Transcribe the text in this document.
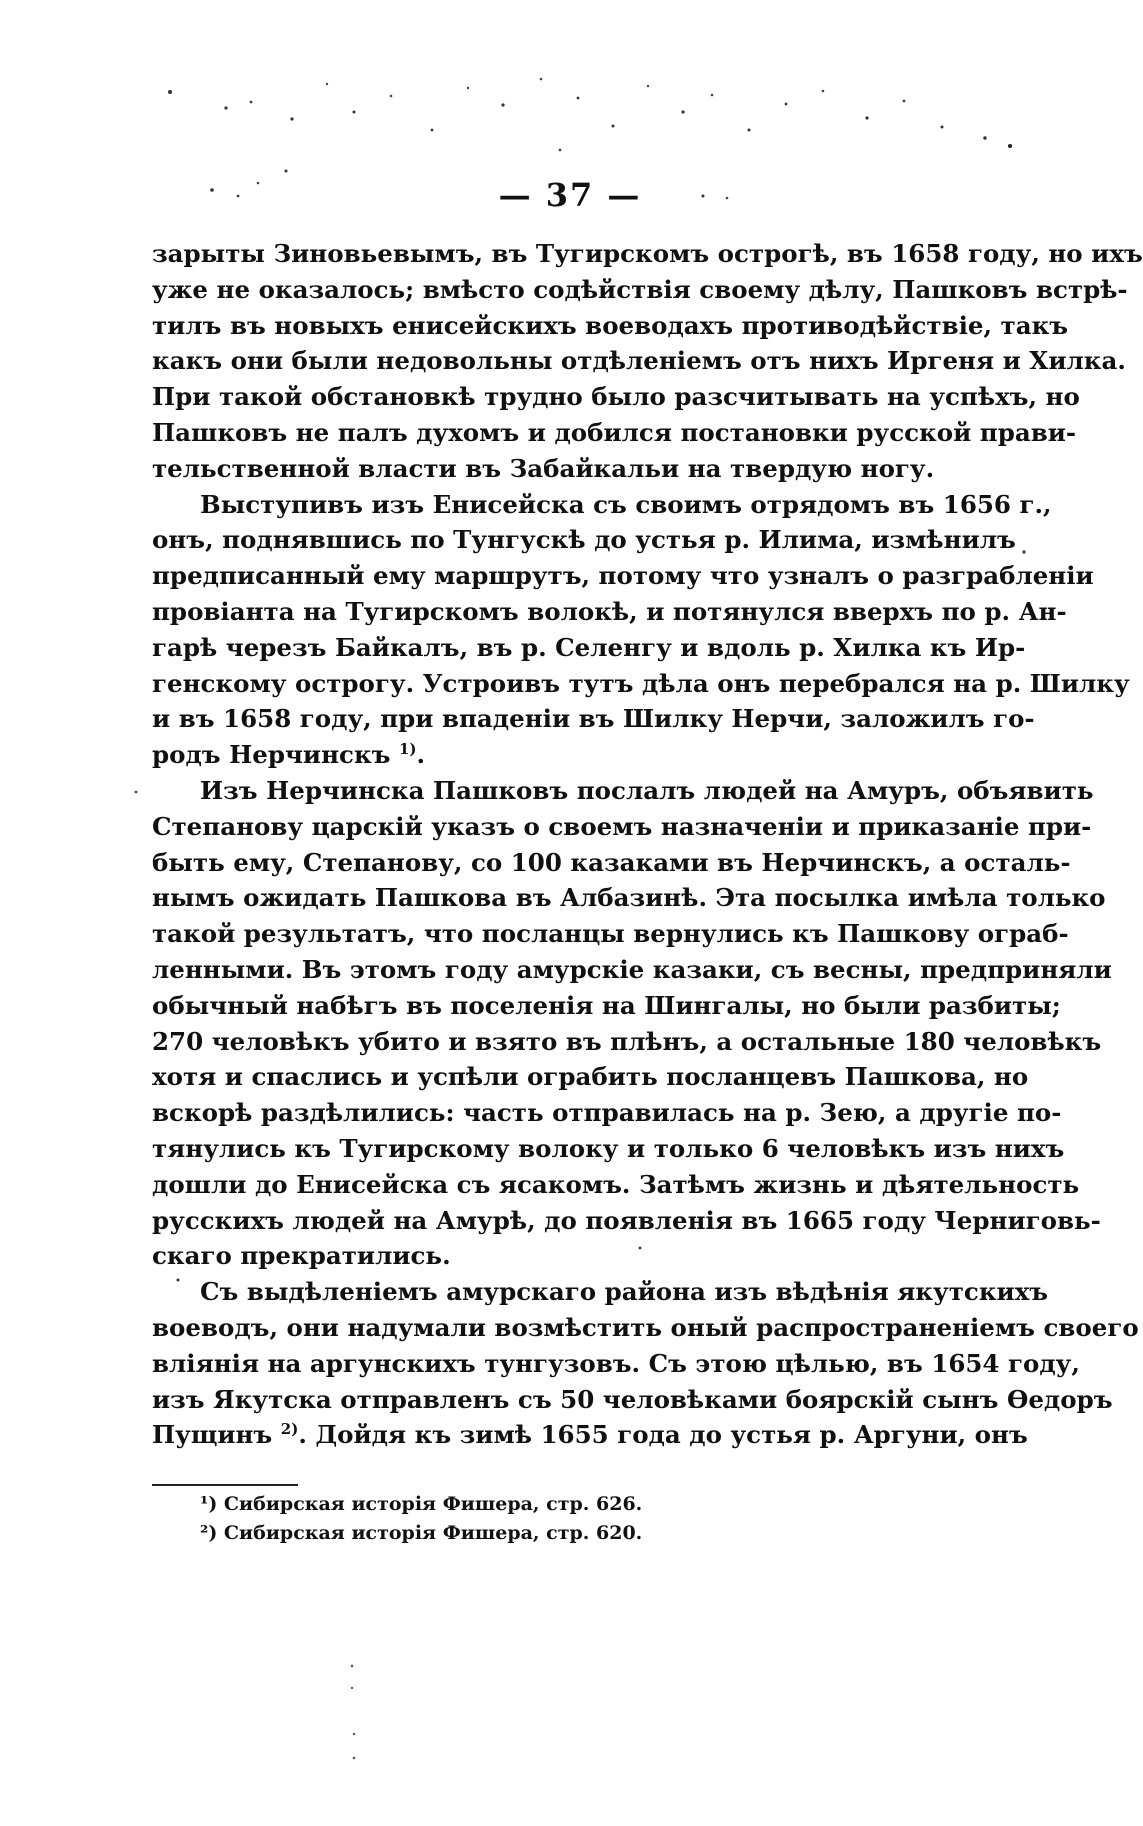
— 37 —
зарыты Зиновьевымъ, въ Тугирскомъ острогѣ, въ 1658 году, но ихъ
уже не оказалось; вмѣсто содѣйствія своему дѣлу, Пашковъ встрѣ-
тилъ въ новыхъ енисейскихъ воеводахъ противодѣйствіе, такъ
какъ они были недовольны отдѣленіемъ отъ нихъ Иргеня и Хилка.
При такой обстановкѣ трудно было разсчитывать на успѣхъ, но
Пашковъ не палъ духомъ и добился постановки русской прави-
тельственной власти въ Забайкальи на твердую ногу.
Выступивъ изъ Енисейска съ своимъ отрядомъ въ 1656 г.,
онъ, поднявшись по Тунгускѣ до устья р. Илима, измѣнилъ
предписанный ему маршрутъ, потому что узналъ о разграбленіи
провіанта на Тугирскомъ волокѣ, и потянулся вверхъ по р. Ан-
гарѣ черезъ Байкалъ, въ р. Селенгу и вдоль р. Хилка къ Ир-
генскому острогу. Устроивъ тутъ дѣла онъ перебрался на р. Шилку
и въ 1658 году, при впаденіи въ Шилку Нерчи, заложилъ го-
родъ Нерчинскъ $^{1)}$.
Изъ Нерчинска Пашковъ послалъ людей на Амуръ, объявить
Степанову царскій указъ о своемъ назначеніи и приказаніе при-
быть ему, Степанову, со 100 казаками въ Нерчинскъ, а осталь-
нымъ ожидать Пашкова въ Албазинѣ. Эта посылка имѣла только
такой результатъ, что посланцы вернулись къ Пашкову ограб-
ленными. Въ этомъ году амурскіе казаки, съ весны, предприняли
обычный набѣгъ въ поселенія на Шингалы, но были разбиты;
270 человѣкъ убито и взято въ плѣнъ, а остальные 180 человѣкъ
хотя и спаслись и успѣли ограбить посланцевъ Пашкова, но
вскорѣ раздѣлились: часть отправилась на р. Зею, а другіе по-
тянулись къ Тугирскому волоку и только 6 человѣкъ изъ нихъ
дошли до Енисейска съ ясакомъ. Затѣмъ жизнь и дѣятельность
русскихъ людей на Амурѣ, до появленія въ 1665 году Черниговь-
скаго прекратились.
Съ выдѣленіемъ амурскаго района изъ вѣдѣнія якутскихъ
воеводъ, они надумали возмѣстить оный распространеніемъ своего
вліянія на аргунскихъ тунгузовъ. Съ этою цѣлью, въ 1654 году,
изъ Якутска отправленъ съ 50 человѣками боярскій сынъ Ѳедоръ
Пущинъ $^{2)}$. Дойдя къ зимѣ 1655 года до устья р. Аргуни, онъ
¹) Сибирская исторія Фишера, стр. 626.
²) Сибирская исторія Фишера, стр. 620.
